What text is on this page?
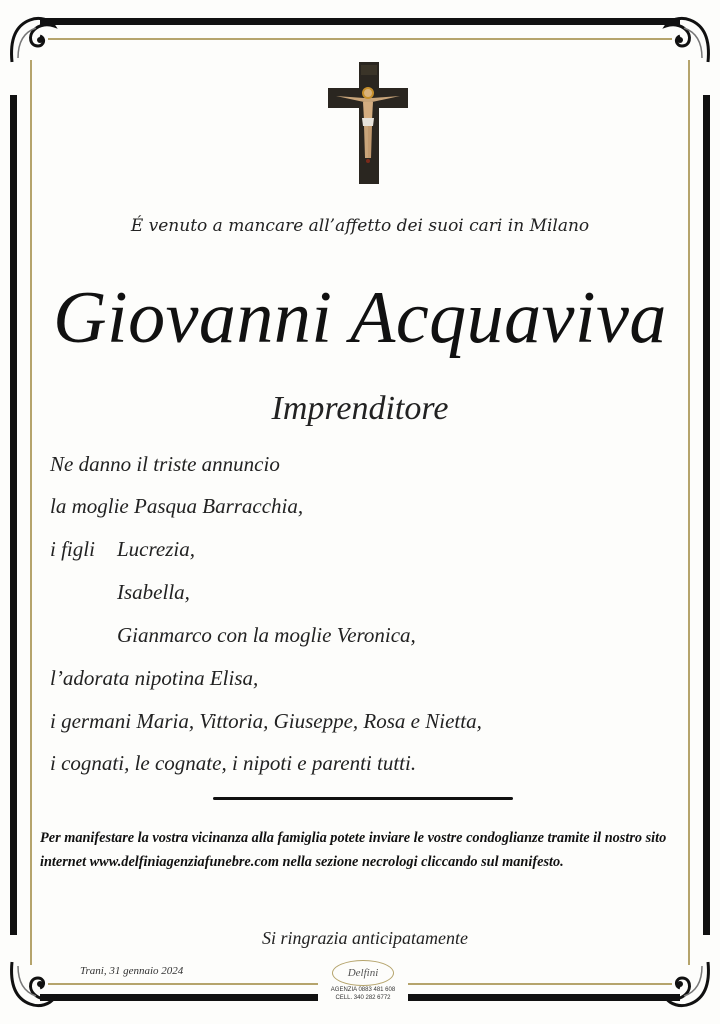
É venuto a mancare all’affetto dei suoi cari in Milano
Giovanni Acquaviva
Imprenditore
Ne danno il triste annuncio
la moglie Pasqua Barracchia,
i figli Lucrezia,
Isabella,
Gianmarco con la moglie Veronica,
l’adorata nipotina Elisa,
i germani Maria, Vittoria, Giuseppe, Rosa e Nietta,
i cognati, le cognate, i nipoti e parenti tutti.
Per manifestare la vostra vicinanza alla famiglia potete inviare le vostre condoglianze tramite il nostro sito internet www.delfiniagenziafunebre.com nella sezione necrologi cliccando sul manifesto.
Si ringrazia anticipatamente
Trani, 31 gennaio 2024	Delfini
AGENZIA 0883 481 608
CELL. 340 282 6772
